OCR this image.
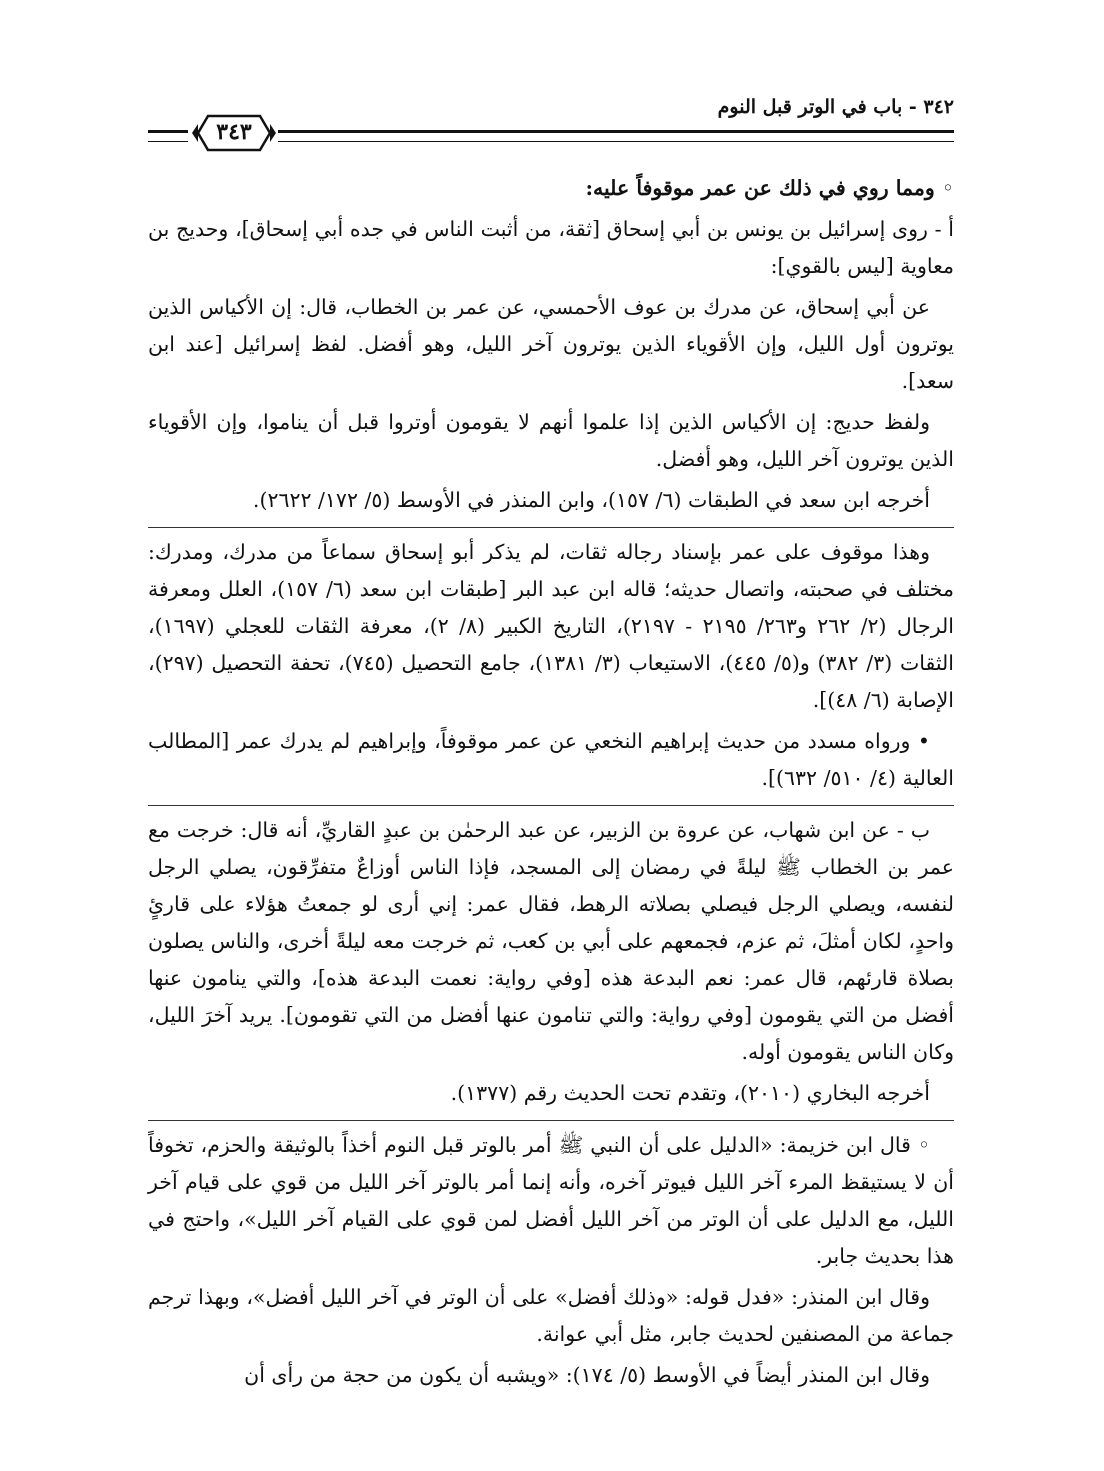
٣٤٢ - باب في الوتر قبل النوم
٣٤٣

◦ ومما روي في ذلك عن عمر موقوفاً عليه:

أ - روى إسرائيل بن يونس بن أبي إسحاق [ثقة، من أثبت الناس في جده أبي إسحاق]، وحديج بن معاوية [ليس بالقوي]:

عن أبي إسحاق، عن مدرك بن عوف الأحمسي، عن عمر بن الخطاب، قال: إن الأكياس الذين يوترون أول الليل، وإن الأقوياء الذين يوترون آخر الليل، وهو أفضل. لفظ إسرائيل [عند ابن سعد].

ولفظ حديج: إن الأكياس الذين إذا علموا أنهم لا يقومون أوتروا قبل أن يناموا، وإن الأقوياء الذين يوترون آخر الليل، وهو أفضل.

أخرجه ابن سعد في الطبقات (٦/ ١٥٧)، وابن المنذر في الأوسط (٥/ ١٧٢/ ٢٦٢٢).

وهذا موقوف على عمر بإسناد رجاله ثقات، لم يذكر أبو إسحاق سماعاً من مدرك، ومدرك: مختلف في صحبته، واتصال حديثه؛ قاله ابن عبد البر [طبقات ابن سعد (٦/ ١٥٧)، العلل ومعرفة الرجال (٢/ ٢٦٢ و٢٦٣/ ٢١٩٥ - ٢١٩٧)، التاريخ الكبير (٨/ ٢)، معرفة الثقات للعجلي (١٦٩٧)، الثقات (٣/ ٣٨٢) و(٥/ ٤٤٥)، الاستيعاب (٣/ ١٣٨١)، جامع التحصيل (٧٤٥)، تحفة التحصيل (٢٩٧)، الإصابة (٦/ ٤٨)].

• ورواه مسدد من حديث إبراهيم النخعي عن عمر موقوفاً، وإبراهيم لم يدرك عمر [المطالب العالية (٤/ ٥١٠/ ٦٣٢)].

ب - عن ابن شهاب، عن عروة بن الزبير، عن عبد الرحمٰن بن عبدٍ القاريِّ، أنه قال: خرجت مع عمر بن الخطاب ﷺ ليلةً في رمضان إلى المسجد، فإذا الناس أوزاعٌ متفرِّقون، يصلي الرجل لنفسه، ويصلي الرجل فيصلي بصلاته الرهط، فقال عمر: إني أرى لو جمعتُ هؤلاء على قارئٍ واحدٍ، لكان أمثلَ، ثم عزم، فجمعهم على أبي بن كعب، ثم خرجت معه ليلةً أخرى، والناس يصلون بصلاة قارئهم، قال عمر: نعم البدعة هذه [وفي رواية: نعمت البدعة هذه]، والتي ينامون عنها أفضل من التي يقومون [وفي رواية: والتي تنامون عنها أفضل من التي تقومون]. يريد آخرَ الليل، وكان الناس يقومون أوله.

أخرجه البخاري (٢٠١٠)، وتقدم تحت الحديث رقم (١٣٧٧).

◦ قال ابن خزيمة: «الدليل على أن النبي ﷺ أمر بالوتر قبل النوم أخذاً بالوثيقة والحزم، تخوفاً أن لا يستيقظ المرء آخر الليل فيوتر آخره، وأنه إنما أمر بالوتر آخر الليل من قوي على قيام آخر الليل، مع الدليل على أن الوتر من آخر الليل أفضل لمن قوي على القيام آخر الليل»، واحتج في هذا بحديث جابر.

وقال ابن المنذر: «فدل قوله: «وذلك أفضل» على أن الوتر في آخر الليل أفضل»، وبهذا ترجم جماعة من المصنفين لحديث جابر، مثل أبي عوانة.

وقال ابن المنذر أيضاً في الأوسط (٥/ ١٧٤): «ويشبه أن يكون من حجة من رأى أن
